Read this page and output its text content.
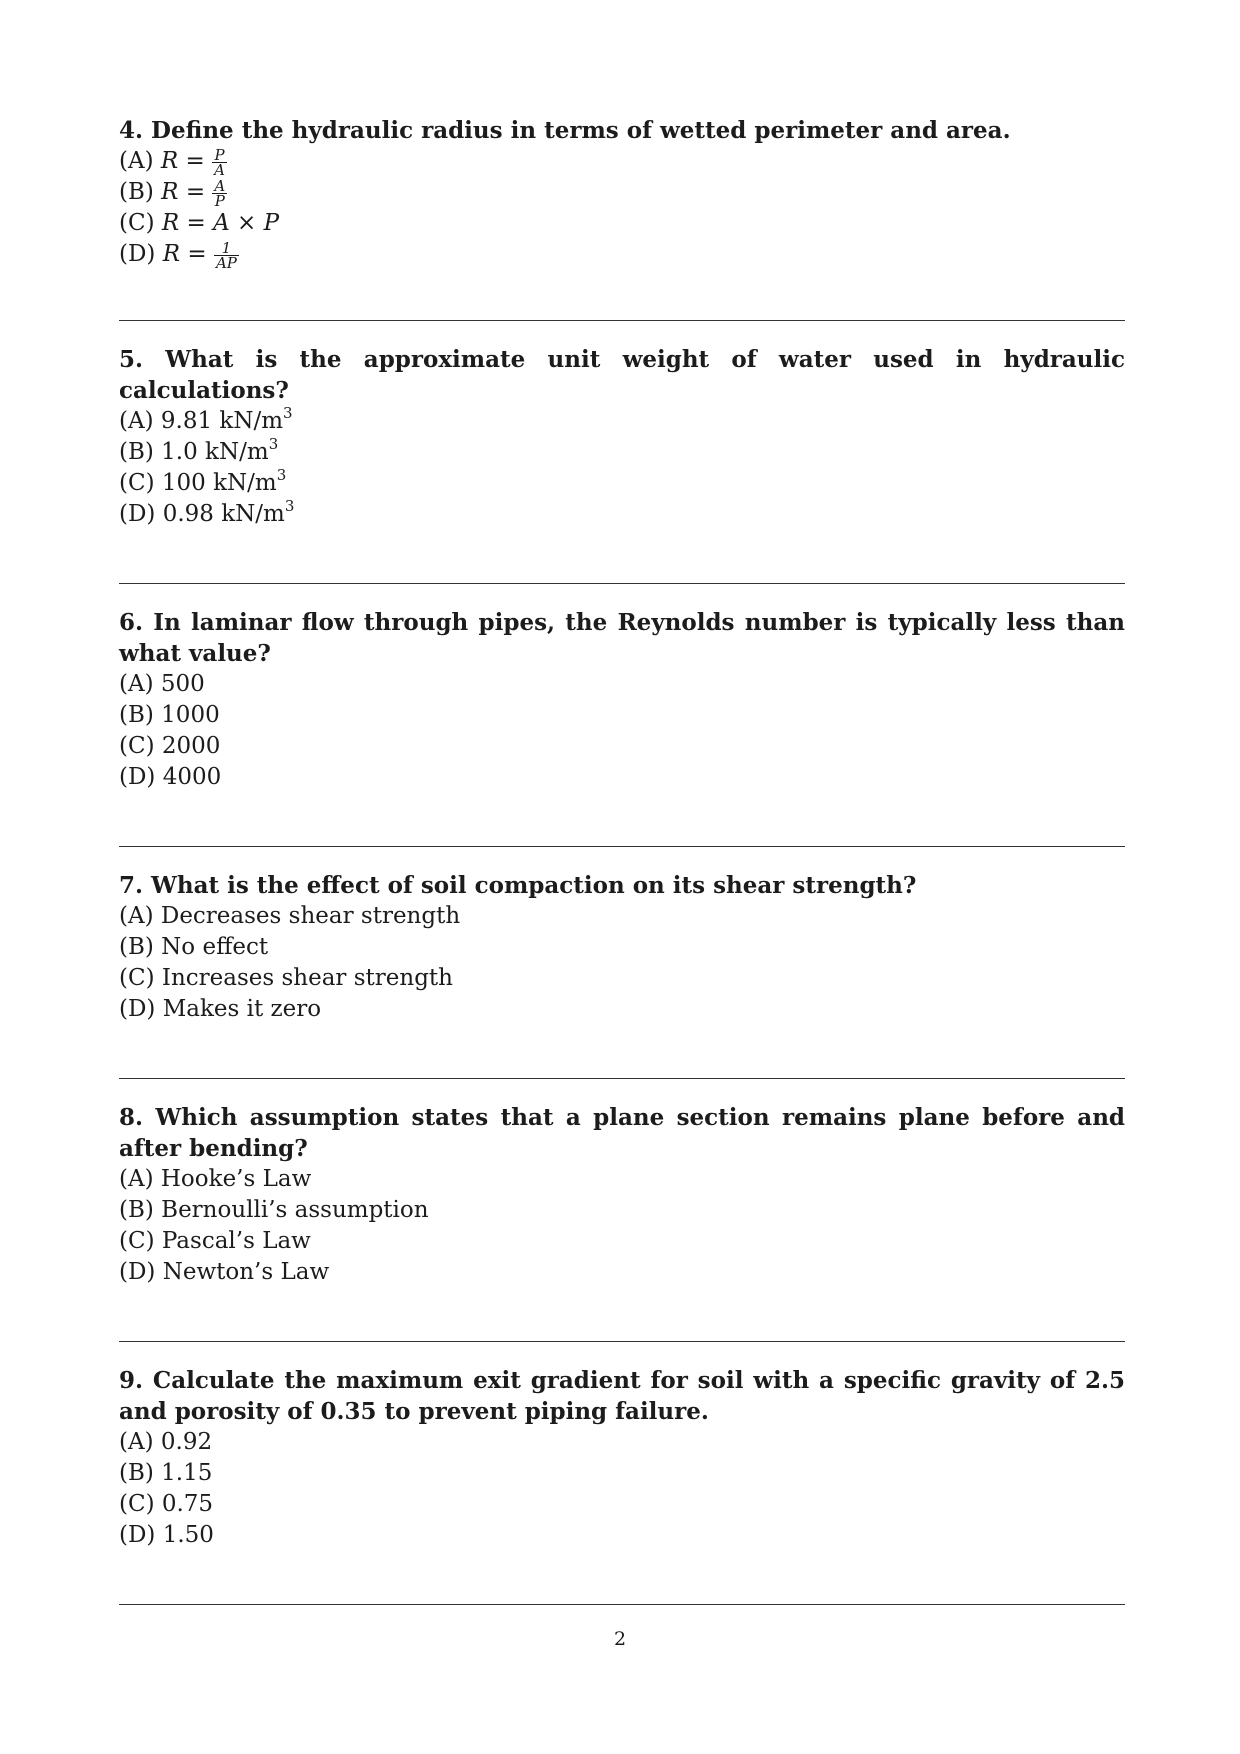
4. Define the hydraulic radius in terms of wetted perimeter and area.
(A) $R = \frac{P}{A}$
(B) $R = \frac{A}{P}$
(C) R = A × P
(D) $R = \frac{1}{AP}$
5. What is the approximate unit weight of water used in hydraulic calculations?
(A) 9.81 $kN/m^3$
(B) 1.0 $kN/m^3$
(C) 100 $kN/m^3$
(D) 0.98 $kN/m^3$
6. In laminar flow through pipes, the Reynolds number is typically less than what value?
(A) 500
(B) 1000
(C) 2000
(D) 4000
7. What is the effect of soil compaction on its shear strength?
(A) Decreases shear strength
(B) No effect
(C) Increases shear strength
(D) Makes it zero
8. Which assumption states that a plane section remains plane before and after bending?
(A) Hooke’s Law
(B) Bernoulli’s assumption
(C) Pascal’s Law
(D) Newton’s Law
9. Calculate the maximum exit gradient for soil with a specific gravity of 2.5 and porosity of 0.35 to prevent piping failure.
(A) 0.92
(B) 1.15
(C) 0.75
(D) 1.50
2
